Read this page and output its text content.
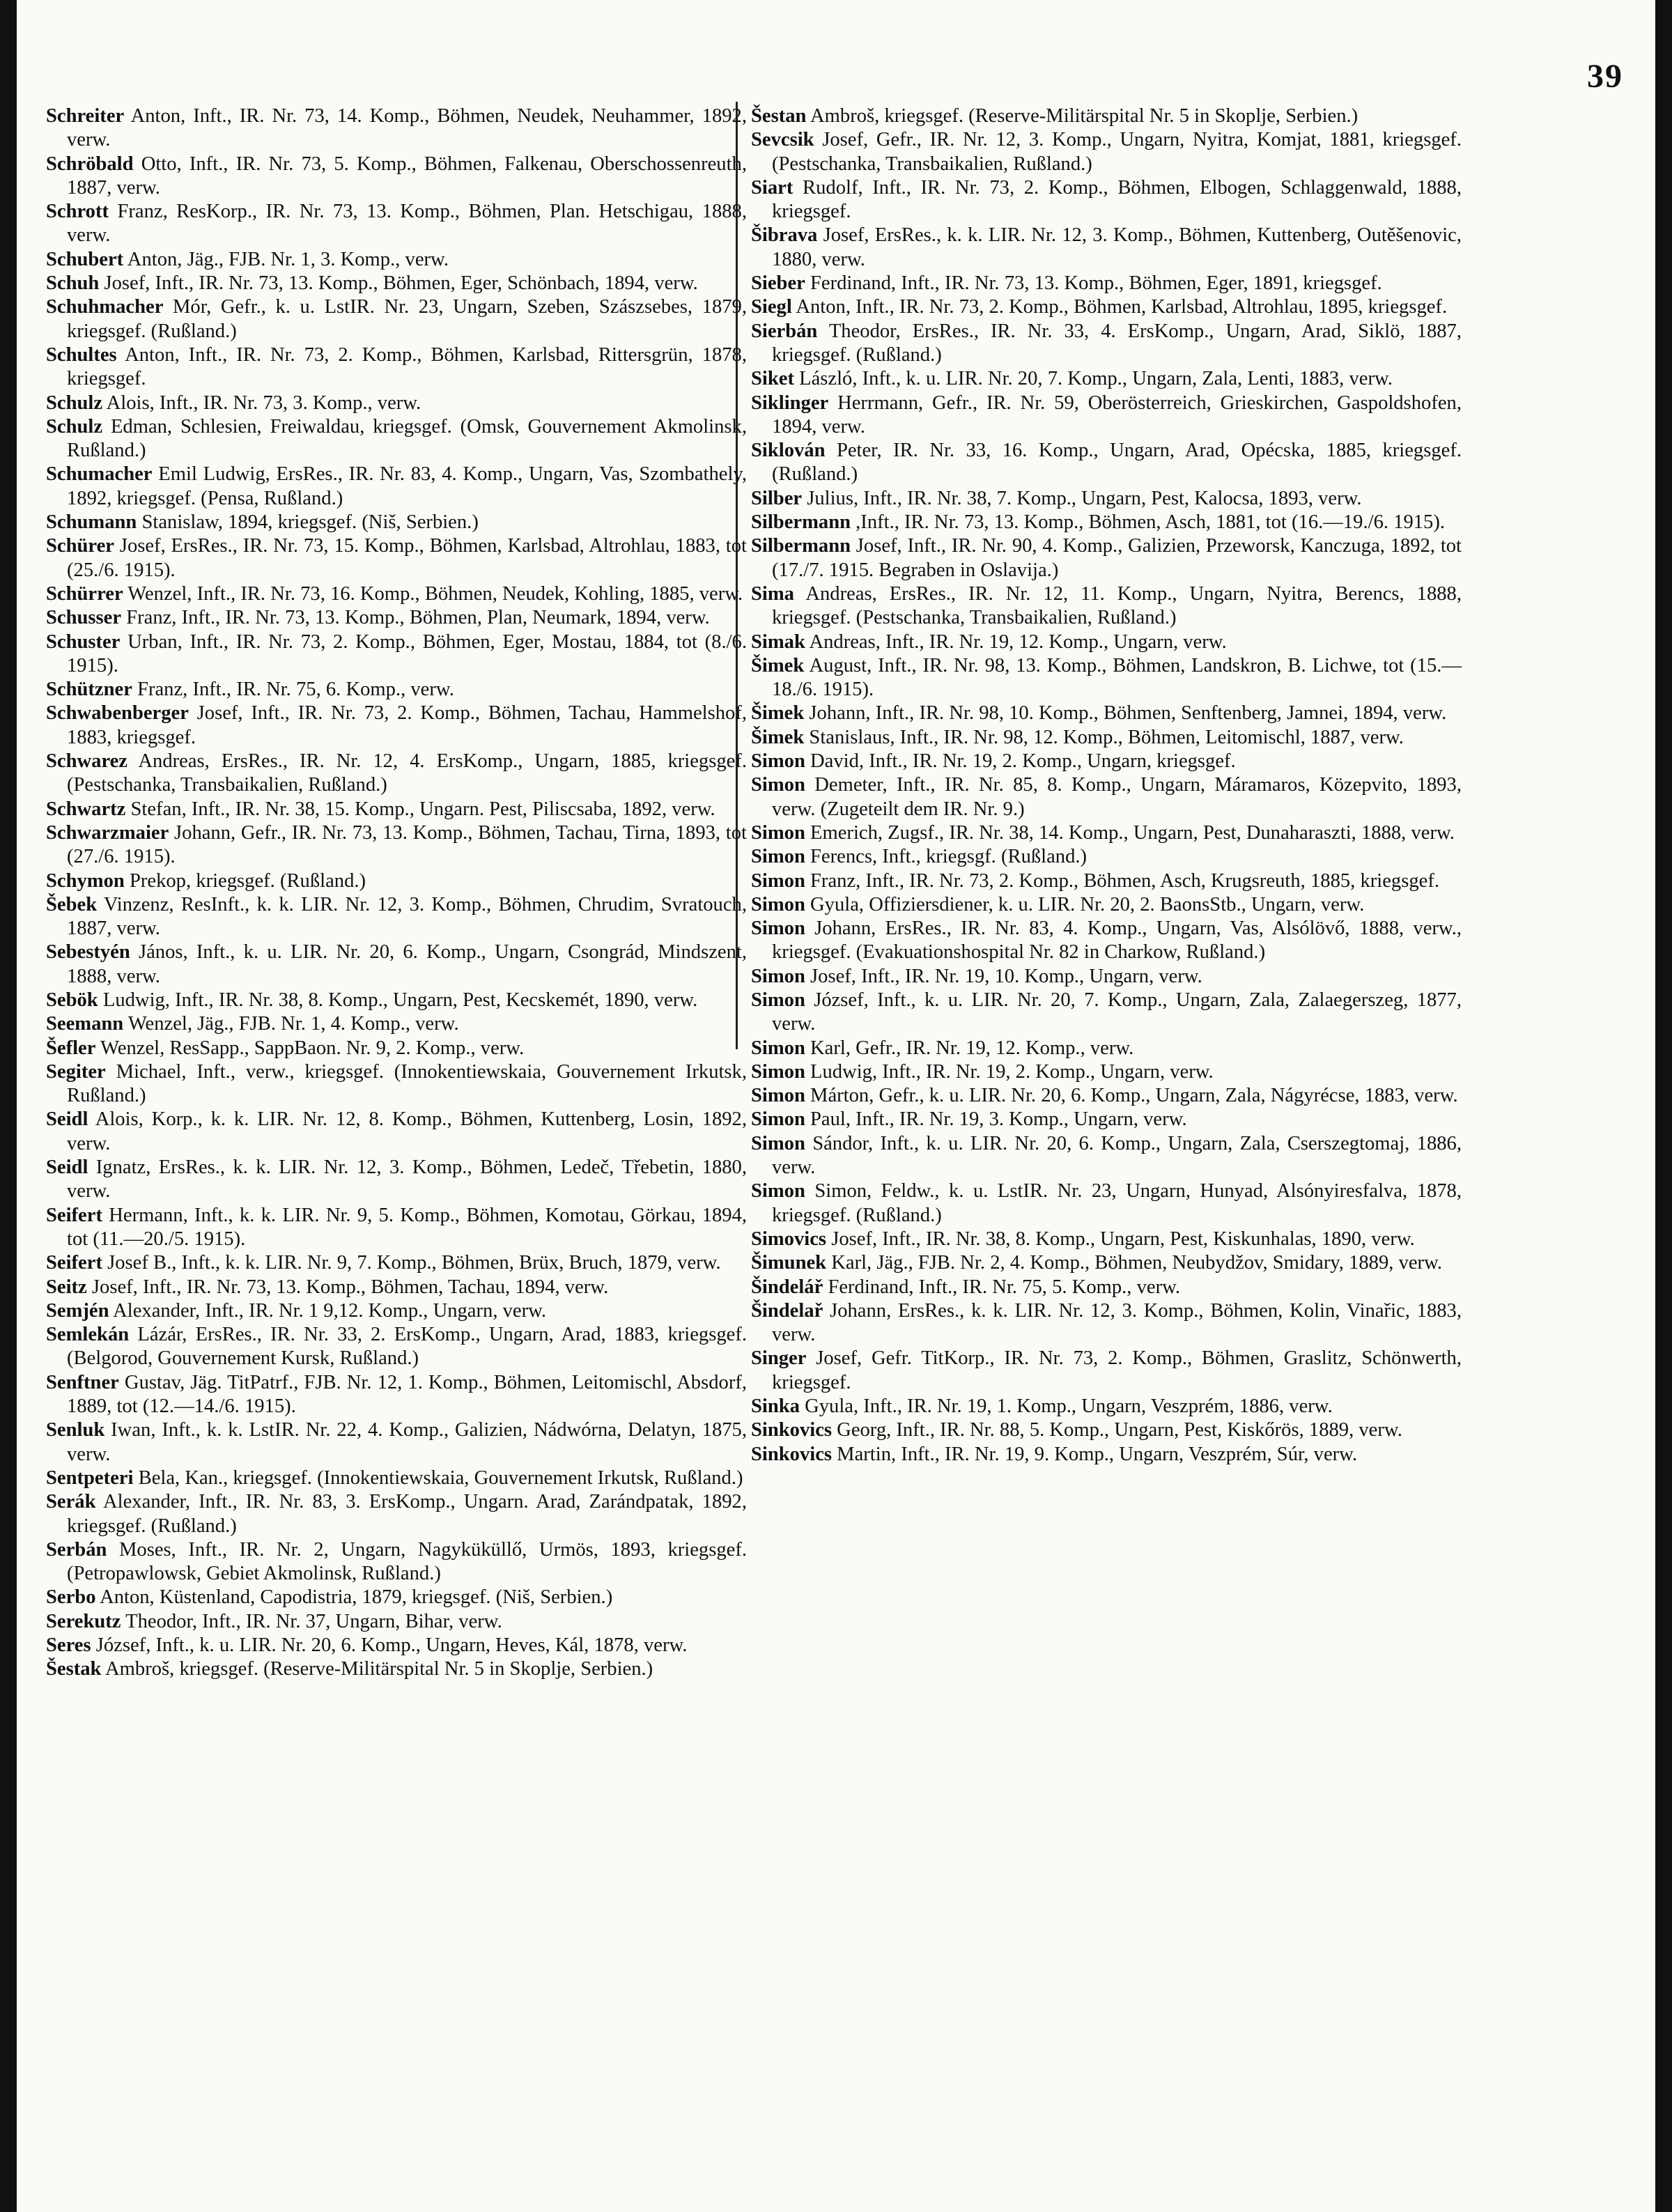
39

Schreiter Anton, Inft., IR. Nr. 73, 14. Komp., Böhmen, Neudek, Neuhammer, 1892, verw.

Schröbald Otto, Inft., IR. Nr. 73, 5. Komp., Böhmen, Falkenau, Oberschossenreuth, 1887, verw.

Schrott Franz, ResKorp., IR. Nr. 73, 13. Komp., Böhmen, Plan. Hetschigau, 1888, verw.

Schubert Anton, Jäg., FJB. Nr. 1, 3. Komp., verw.

Schuh Josef, Inft., IR. Nr. 73, 13. Komp., Böhmen, Eger, Schönbach, 1894, verw.

Schuhmacher Mór, Gefr., k. u. LstIR. Nr. 23, Ungarn, Szeben, Szászsebes, 1879, kriegsgef. (Rußland.)

Schultes Anton, Inft., IR. Nr. 73, 2. Komp., Böhmen, Karlsbad, Rittersgrün, 1878, kriegsgef.

Schulz Alois, Inft., IR. Nr. 73, 3. Komp., verw.

Schulz Edman, Schlesien, Freiwaldau, kriegsgef. (Omsk, Gouvernement Akmolinsk, Rußland.)

Schumacher Emil Ludwig, ErsRes., IR. Nr. 83, 4. Komp., Ungarn, Vas, Szombathely, 1892, kriegsgef. (Pensa, Rußland.)

Schumann Stanislaw, 1894, kriegsgef. (Niš, Serbien.)

Schürer Josef, ErsRes., IR. Nr. 73, 15. Komp., Böhmen, Karlsbad, Altrohlau, 1883, tot (25./6. 1915).

Schürrer Wenzel, Inft., IR. Nr. 73, 16. Komp., Böhmen, Neudek, Kohling, 1885, verw.

Schusser Franz, Inft., IR. Nr. 73, 13. Komp., Böhmen, Plan, Neumark, 1894, verw.

Schuster Urban, Inft., IR. Nr. 73, 2. Komp., Böhmen, Eger, Mostau, 1884, tot (8./6. 1915).

Schützner Franz, Inft., IR. Nr. 75, 6. Komp., verw.

Schwabenberger Josef, Inft., IR. Nr. 73, 2. Komp., Böhmen, Tachau, Hammelshof, 1883, kriegsgef.

Schwarez Andreas, ErsRes., IR. Nr. 12, 4. ErsKomp., Ungarn, 1885, kriegsgef. (Pestschanka, Transbaikalien, Rußland.)

Schwartz Stefan, Inft., IR. Nr. 38, 15. Komp., Ungarn. Pest, Piliscsaba, 1892, verw.

Schwarzmaier Johann, Gefr., IR. Nr. 73, 13. Komp., Böhmen, Tachau, Tirna, 1893, tot (27./6. 1915).

Schymon Prekop, kriegsgef. (Rußland.)

Šebek Vinzenz, ResInft., k. k. LIR. Nr. 12, 3. Komp., Böhmen, Chrudim, Svratouch, 1887, verw.

Sebestyén János, Inft., k. u. LIR. Nr. 20, 6. Komp., Ungarn, Csongrád, Mindszent, 1888, verw.

Sebök Ludwig, Inft., IR. Nr. 38, 8. Komp., Ungarn, Pest, Kecskemét, 1890, verw.

Seemann Wenzel, Jäg., FJB. Nr. 1, 4. Komp., verw.

Šefler Wenzel, ResSapp., SappBaon. Nr. 9, 2. Komp., verw.

Segiter Michael, Inft., verw., kriegsgef. (Innokentiewskaia, Gouvernement Irkutsk, Rußland.)

Seidl Alois, Korp., k. k. LIR. Nr. 12, 8. Komp., Böhmen, Kuttenberg, Losin, 1892, verw.

Seidl Ignatz, ErsRes., k. k. LIR. Nr. 12, 3. Komp., Böhmen, Ledeč, Třebetin, 1880, verw.

Seifert Hermann, Inft., k. k. LIR. Nr. 9, 5. Komp., Böhmen, Komotau, Görkau, 1894, tot (11.—20./5. 1915).

Seifert Josef B., Inft., k. k. LIR. Nr. 9, 7. Komp., Böhmen, Brüx, Bruch, 1879, verw.

Seitz Josef, Inft., IR. Nr. 73, 13. Komp., Böhmen, Tachau, 1894, verw.

Semjén Alexander, Inft., IR. Nr. 1 9,12. Komp., Ungarn, verw.

Semlekán Lázár, ErsRes., IR. Nr. 33, 2. ErsKomp., Ungarn, Arad, 1883, kriegsgef. (Belgorod, Gouvernement Kursk, Rußland.)

Senftner Gustav, Jäg. TitPatrf., FJB. Nr. 12, 1. Komp., Böhmen, Leitomischl, Absdorf, 1889, tot (12.—14./6. 1915).

Senluk Iwan, Inft., k. k. LstIR. Nr. 22, 4. Komp., Galizien, Nádwórna, Delatyn, 1875, verw.

Sentpeteri Bela, Kan., kriegsgef. (Innokentiewskaia, Gouvernement Irkutsk, Rußland.)

Serák Alexander, Inft., IR. Nr. 83, 3. ErsKomp., Ungarn. Arad, Zarándpatak, 1892, kriegsgef. (Rußland.)

Serbán Moses, Inft., IR. Nr. 2, Ungarn, Nagyküküllő, Urmös, 1893, kriegsgef. (Petropawlowsk, Gebiet Akmolinsk, Rußland.)

Serbo Anton, Küstenland, Capodistria, 1879, kriegsgef. (Niš, Serbien.)

Serekutz Theodor, Inft., IR. Nr. 37, Ungarn, Bihar, verw.

Seres József, Inft., k. u. LIR. Nr. 20, 6. Komp., Ungarn, Heves, Kál, 1878, verw.

Šestak Ambroš, kriegsgef. (Reserve-Militärspital Nr. 5 in Skoplje, Serbien.)

Šestan Ambroš, kriegsgef. (Reserve-Militärspital Nr. 5 in Skoplje, Serbien.)

Sevcsik Josef, Gefr., IR. Nr. 12, 3. Komp., Ungarn, Nyitra, Komjat, 1881, kriegsgef. (Pestschanka, Transbaikalien, Rußland.)

Siart Rudolf, Inft., IR. Nr. 73, 2. Komp., Böhmen, Elbogen, Schlaggenwald, 1888, kriegsgef.

Šibrava Josef, ErsRes., k. k. LIR. Nr. 12, 3. Komp., Böhmen, Kuttenberg, Outěšenovic, 1880, verw.

Sieber Ferdinand, Inft., IR. Nr. 73, 13. Komp., Böhmen, Eger, 1891, kriegsgef.

Siegl Anton, Inft., IR. Nr. 73, 2. Komp., Böhmen, Karlsbad, Altrohlau, 1895, kriegsgef.

Sierbán Theodor, ErsRes., IR. Nr. 33, 4. ErsKomp., Ungarn, Arad, Siklö, 1887, kriegsgef. (Rußland.)

Siket László, Inft., k. u. LIR. Nr. 20, 7. Komp., Ungarn, Zala, Lenti, 1883, verw.

Siklinger Herrmann, Gefr., IR. Nr. 59, Oberösterreich, Grieskirchen, Gaspoldshofen, 1894, verw.

Siklován Peter, IR. Nr. 33, 16. Komp., Ungarn, Arad, Opécska, 1885, kriegsgef. (Rußland.)

Silber Julius, Inft., IR. Nr. 38, 7. Komp., Ungarn, Pest, Kalocsa, 1893, verw.

Silbermann ,Inft., IR. Nr. 73, 13. Komp., Böhmen, Asch, 1881, tot (16.—19./6. 1915).

Silbermann Josef, Inft., IR. Nr. 90, 4. Komp., Galizien, Przeworsk, Kanczuga, 1892, tot (17./7. 1915. Begraben in Oslavija.)

Sima Andreas, ErsRes., IR. Nr. 12, 11. Komp., Ungarn, Nyitra, Berencs, 1888, kriegsgef. (Pestschanka, Transbaikalien, Rußland.)

Simak Andreas, Inft., IR. Nr. 19, 12. Komp., Ungarn, verw.

Šimek August, Inft., IR. Nr. 98, 13. Komp., Böhmen, Landskron, B. Lichwe, tot (15.—18./6. 1915).

Šimek Johann, Inft., IR. Nr. 98, 10. Komp., Böhmen, Senftenberg, Jamnei, 1894, verw.

Šimek Stanislaus, Inft., IR. Nr. 98, 12. Komp., Böhmen, Leitomischl, 1887, verw.

Simon David, Inft., IR. Nr. 19, 2. Komp., Ungarn, kriegsgef.

Simon Demeter, Inft., IR. Nr. 85, 8. Komp., Ungarn, Máramaros, Közepvito, 1893, verw. (Zugeteilt dem IR. Nr. 9.)

Simon Emerich, Zugsf., IR. Nr. 38, 14. Komp., Ungarn, Pest, Dunaharaszti, 1888, verw.

Simon Ferencs, Inft., kriegsgf. (Rußland.)

Simon Franz, Inft., IR. Nr. 73, 2. Komp., Böhmen, Asch, Krugsreuth, 1885, kriegsgef.

Simon Gyula, Offiziersdiener, k. u. LIR. Nr. 20, 2. BaonsStb., Ungarn, verw.

Simon Johann, ErsRes., IR. Nr. 83, 4. Komp., Ungarn, Vas, Alsólövő, 1888, verw., kriegsgef. (Evakuationshospital Nr. 82 in Charkow, Rußland.)

Simon Josef, Inft., IR. Nr. 19, 10. Komp., Ungarn, verw.

Simon József, Inft., k. u. LIR. Nr. 20, 7. Komp., Ungarn, Zala, Zalaegerszeg, 1877, verw.

Simon Karl, Gefr., IR. Nr. 19, 12. Komp., verw.

Simon Ludwig, Inft., IR. Nr. 19, 2. Komp., Ungarn, verw.

Simon Márton, Gefr., k. u. LIR. Nr. 20, 6. Komp., Ungarn, Zala, Nágyrécse, 1883, verw.

Simon Paul, Inft., IR. Nr. 19, 3. Komp., Ungarn, verw.

Simon Sándor, Inft., k. u. LIR. Nr. 20, 6. Komp., Ungarn, Zala, Cserszegtomaj, 1886, verw.

Simon Simon, Feldw., k. u. LstIR. Nr. 23, Ungarn, Hunyad, Alsónyiresfalva, 1878, kriegsgef. (Rußland.)

Simovics Josef, Inft., IR. Nr. 38, 8. Komp., Ungarn, Pest, Kiskunhalas, 1890, verw.

Šimunek Karl, Jäg., FJB. Nr. 2, 4. Komp., Böhmen, Neubydžov, Smidary, 1889, verw.

Šindelář Ferdinand, Inft., IR. Nr. 75, 5. Komp., verw.

Šindelař Johann, ErsRes., k. k. LIR. Nr. 12, 3. Komp., Böhmen, Kolin, Vinařic, 1883, verw.

Singer Josef, Gefr. TitKorp., IR. Nr. 73, 2. Komp., Böhmen, Graslitz, Schönwerth, kriegsgef.

Sinka Gyula, Inft., IR. Nr. 19, 1. Komp., Ungarn, Veszprém, 1886, verw.

Sinkovics Georg, Inft., IR. Nr. 88, 5. Komp., Ungarn, Pest, Kiskőrös, 1889, verw.

Sinkovics Martin, Inft., IR. Nr. 19, 9. Komp., Ungarn, Veszprém, Súr, verw.
